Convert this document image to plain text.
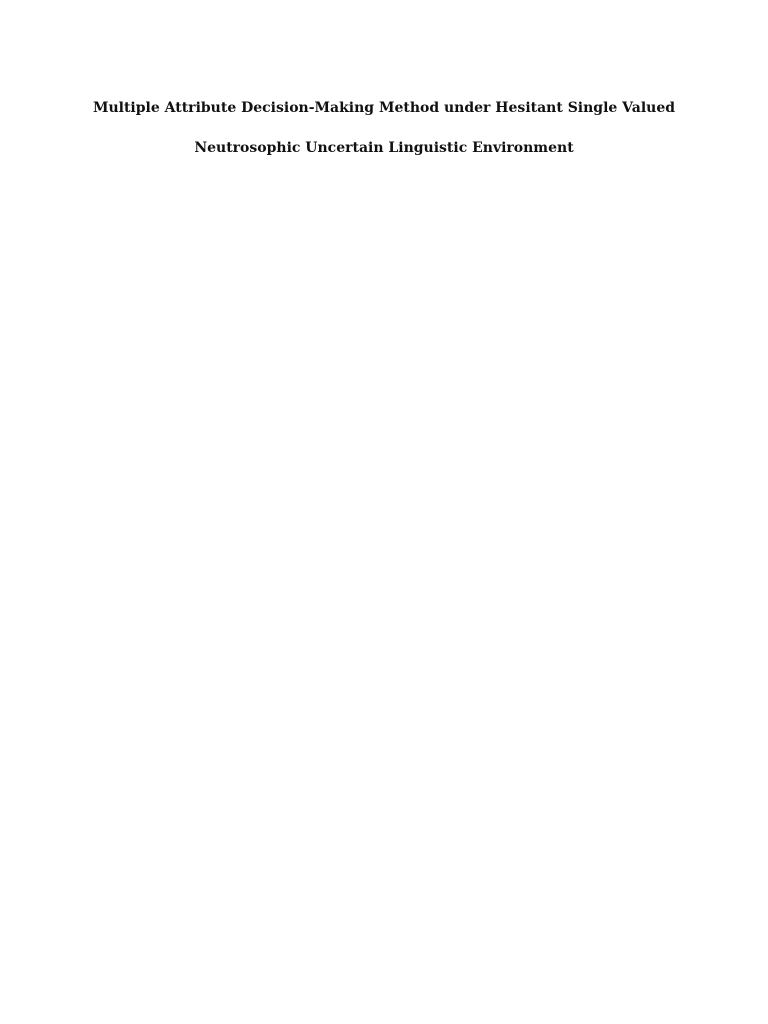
Multiple Attribute Decision-Making Method under Hesitant Single Valued Neutrosophic Uncertain Linguistic Environment
